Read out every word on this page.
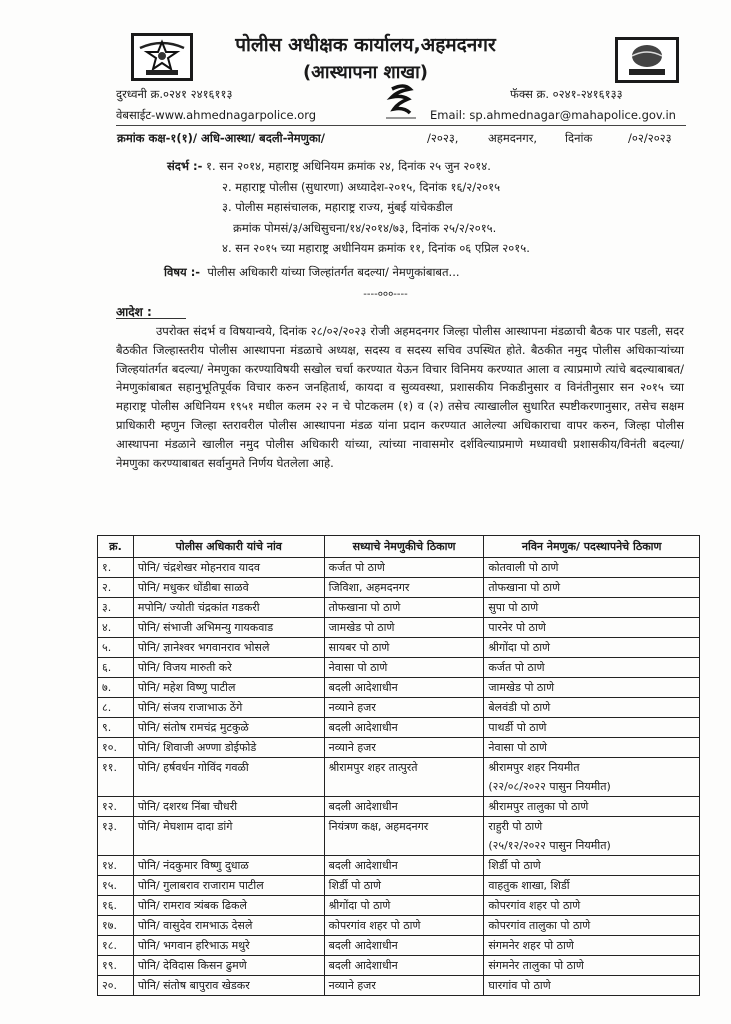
पोलीस अधीक्षक कार्यालय,अहमदनगर
(आस्थापना शाखा)
दुरध्वनी क्र.०२४१ २४१६११३	फॅक्स क्र. ०२४१-२४१६१३३
वेबसाईट-www.ahmednagarpolice.org	Email: sp.ahmednagar@mahapolice.gov.in
क्रमांक कक्ष-१(१)/ अधि-आस्था/ बदली-नेमणुका/	/२०२३,	अहमदनगर, दिनांक	/०२/२०२३
संदर्भ :- १. सन २०१४, महाराष्ट्र अधिनियम क्रमांक २४, दिनांक २५ जुन २०१४.
२. महाराष्ट्र पोलीस (सुधारणा) अध्यादेश-२०१५, दिनांक १६/२/२०१५
३. पोलीस महासंचालक, महाराष्ट्र राज्य, मुंबई यांचेकडील
क्रमांक पोमसं/३/अधिसुचना/१४/२०१४/७३, दिनांक २५/२/२०१५.
४. सन २०१५ च्या महाराष्ट्र अधीनियम क्रमांक ११, दिनांक ०६ एप्रिल २०१५.
विषय :- पोलीस अधिकारी यांच्या जिल्हांतर्गत बदल्या/ नेमणुकांबाबत...
----०००----
आदेश :
उपरोक्त संदर्भ व विषयान्वये, दिनांक २८/०२/२०२३ रोजी अहमदनगर जिल्हा पोलीस आस्थापना मंडळाची बैठक पार पडली, सदर बैठकीत जिल्हास्तरीय पोलीस आस्थापना मंडळाचे अध्यक्ष, सदस्य व सदस्य सचिव उपस्थित होते. बैठकीत नमुद पोलीस अधिकाऱ्यांच्या जिल्हयांतर्गत बदल्या/ नेमणुका करण्याविषयी सखोल चर्चा करण्यात येऊन विचार विनिमय करण्यात आला व त्याप्रमाणे त्यांचे बदल्याबाबत/ नेमणुकांबाबत सहानुभूतिपूर्वक विचार करुन जनहितार्थ, कायदा व सुव्यवस्था, प्रशासकीय निकडीनुसार व विनंतीनुसार सन २०१५ च्या महाराष्ट्र पोलीस अधिनियम १९५१ मधील कलम २२ न चे पोटकलम (१) व (२) तसेच त्याखालील सुधारित स्पष्टीकरणानुसार, तसेच सक्षम प्राधिकारी म्हणुन जिल्हा स्तरावरील पोलीस आस्थापना मंडळ यांना प्रदान करण्यात आलेल्या अधिकाराचा वापर करुन, जिल्हा पोलीस आस्थापना मंडळाने खालील नमुद पोलीस अधिकारी यांच्या, त्यांच्या नावासमोर दर्शविल्याप्रमाणे मध्यावधी प्रशासकीय/विनंती बदल्या/ नेमणुका करण्याबाबत सर्वानुमते निर्णय घेतलेला आहे.
क्र.	पोलीस अधिकारी यांचे नांव	सध्याचे नेमणुकीचे ठिकाण	नविन नेमणुक/ पदस्थापनेचे ठिकाण
१.	पोनि/ चंद्रशेखर मोहनराव यादव	कर्जत पो ठाणे	कोतवाली पो ठाणे
२.	पोनि/ मधुकर धोंडीबा साळवे	जिविशा, अहमदनगर	तोफखाना पो ठाणे
३.	मपोनि/ ज्योती चंद्रकांत गडकरी	तोफखाना पो ठाणे	सुपा पो ठाणे
४.	पोनि/ संभाजी अभिमन्यु गायकवाड	जामखेड पो ठाणे	पारनेर पो ठाणे
५.	पोनि/ ज्ञानेश्वर भगवानराव भोसले	सायबर पो ठाणे	श्रीगोंदा पो ठाणे
६.	पोनि/ विजय मारुती करे	नेवासा पो ठाणे	कर्जत पो ठाणे
७.	पोनि/ महेश विष्णु पाटील	बदली आदेशाधीन	जामखेड पो ठाणे
८.	पोनि/ संजय राजाभाऊ ठेंगे	नव्याने हजर	बेलवंडी पो ठाणे
९.	पोनि/ संतोष रामचंद्र मुटकुळे	बदली आदेशाधीन	पाथर्डी पो ठाणे
१०.	पोनि/ शिवाजी अण्णा डोईफोडे	नव्याने हजर	नेवासा पो ठाणे
११.	पोनि/ हर्षवर्धन गोविंद गवळी	श्रीरामपुर शहर तात्पुरते	श्रीरामपुर शहर नियमीत
(२२/०८/२०२२ पासुन नियमीत)

१२.	पोनि/ दशरथ निंबा चौधरी	बदली आदेशाधीन	श्रीरामपुर तालुका पो ठाणे
१३.	पोनि/ मेघशाम दादा डांगे	नियंत्रण कक्ष, अहमदनगर	राहुरी पो ठाणे
(२५/१२/२०२२ पासुन नियमीत)

१४.	पोनि/ नंदकुमार विष्णु दुधाळ	बदली आदेशाधीन	शिर्डी पो ठाणे
१५.	पोनि/ गुलाबराव राजाराम पाटील	शिर्डी पो ठाणे	वाहतुक शाखा, शिर्डी
१६.	पोनि/ रामराव त्र्यंबक ढिकले	श्रीगोंदा पो ठाणे	कोपरगांव शहर पो ठाणे
१७.	पोनि/ वासुदेव रामभाऊ देसले	कोपरगांव शहर पो ठाणे	कोपरगांव तालुका पो ठाणे
१८.	पोनि/ भगवान हरिभाऊ मथुरे	बदली आदेशाधीन	संगमनेर शहर पो ठाणे
१९.	पोनि/ देविदास किसन ढुमणे	बदली आदेशाधीन	संगमनेर तालुका पो ठाणे
२०.	पोनि/ संतोष बापुराव खेडकर	नव्याने हजर	घारगांव पो ठाणे
